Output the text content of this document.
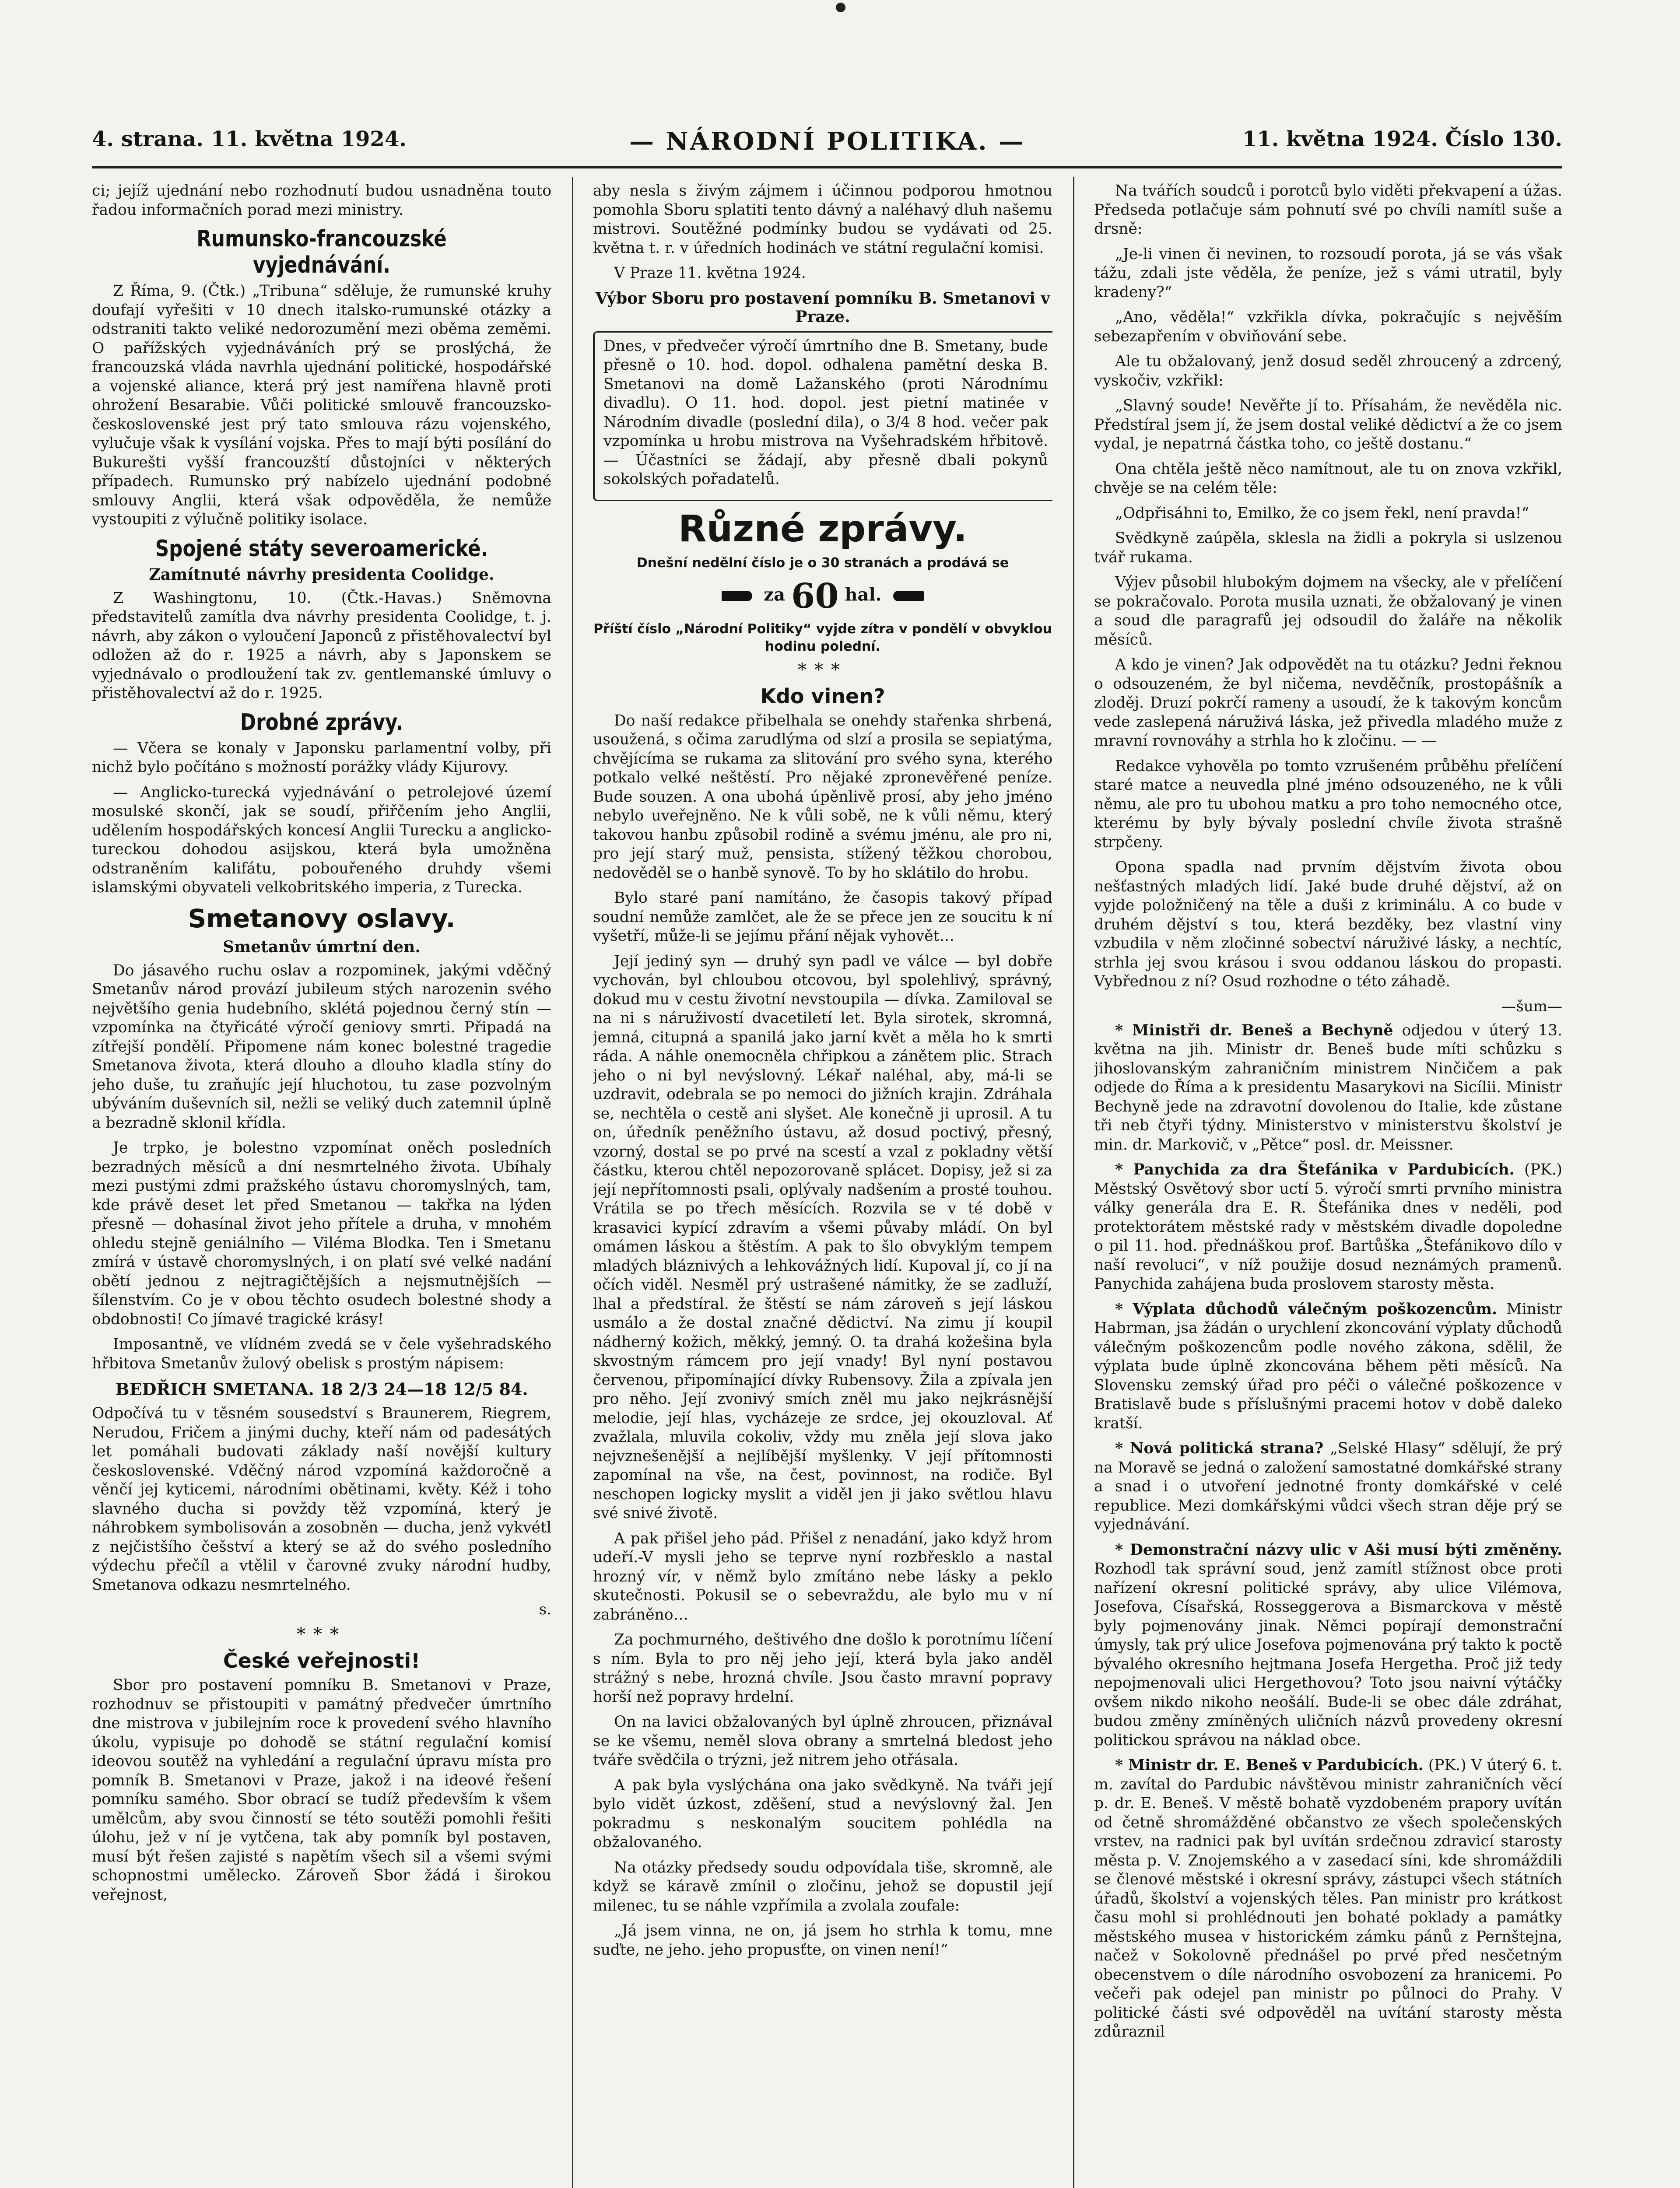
4. strana. 11. května 1924.	— NÁRODNÍ POLITIKA. —	11. května 1924. Číslo 130.

ci; jejíž ujednání nebo rozhodnutí budou usnadněna touto řadou informačních porad mezi ministry.

Rumunsko-francouzské vyjednávání.

Z Říma, 9. (Čtk.) „Tribuna“ sděluje, že rumunské kruhy doufají vyřešiti v 10 dnech italsko-rumunské otázky a odstraniti takto veliké nedorozumění mezi oběma zeměmi. O pařížských vyjednáváních prý se proslýchá, že francouzská vláda navrhla ujednání politické, hospodářské a vojenské aliance, která prý jest namířena hlavně proti ohrožení Besarabie. Vůči politické smlouvě francouzsko-československé jest prý tato smlouva rázu vojenského, vylučuje však k vysílání vojska. Přes to mají býti posílání do Bukurešti vyšší francouzští důstojníci v některých případech. Rumunsko prý nabízelo ujednání podobné smlouvy Anglii, která však odpověděla, že nemůže vystoupiti z výlučně politiky isolace.

Spojené státy severoamerické.
Zamítnuté návrhy presidenta Coolidge.

Z Washingtonu, 10. (Čtk.-Havas.) Sněmovna představitelů zamítla dva návrhy presidenta Coolidge, t. j. návrh, aby zákon o vyloučení Japonců z přistěhovalectví byl odložen až do r. 1925 a návrh, aby s Japonskem se vyjednávalo o prodloužení tak zv. gentlemanské úmluvy o přistěhovalectví až do r. 1925.

Drobné zprávy.

— Včera se konaly v Japonsku parlamentní volby, při nichž bylo počítáno s možností porážky vlády Kijurovy.

— Anglicko-turecká vyjednávání o petrolejové území mosulské skončí, jak se soudí, přiřčením jeho Anglii, udělením hospodářských koncesí Anglii Turecku a anglicko-tureckou dohodou asijskou, která byla umožněna odstraněním kalifátu, pobouřeného druhdy všemi islamskými obyvateli velkobritského imperia, z Turecka.

Smetanovy oslavy.
Smetanův úmrtní den.

Do jásavého ruchu oslav a rozpominek, jakými vděčný Smetanův národ provází jubileum stých narozenin svého největšího genia hudebního, sklétá pojednou černý stín — vzpomínka na čtyřicáté výročí geniovy smrti. Připadá na zítřejší pondělí. Připomene nám konec bolestné tragedie Smetanova života, která dlouho a dlouho kladla stíny do jeho duše, tu zraňujíc její hluchotou, tu zase pozvolným ubýváním duševních sil, nežli se veliký duch zatemnil úplně a bezradně sklonil křídla.

Je trpko, je bolestno vzpomínat oněch posledních bezradných měsíců a dní nesmrtelného života. Ubíhaly mezi pustými zdmi pražského ústavu choromyslných, tam, kde právě deset let před Smetanou — takřka na lýden přesně — dohasínal život jeho přítele a druha, v mnohém ohledu stejně geniálního — Viléma Blodka. Ten i Smetanu zmírá v ústavě choromyslných, i on platí své velké nadání obětí jednou z nejtragičtějších a nejsmutnějších — šílenstvím. Co je v obou těchto osudech bolestné shody a obdobnosti! Co jímavé tragické krásy!

Imposantně, ve vlídném zvedá se v čele vyšehradského hřbitova Smetanův žulový obelisk s prostým nápisem:

BEDŘICH SMETANA. 18 2/3 24—18 12/5 84.

Odpočívá tu v těsném sousedství s Braunerem, Riegrem, Nerudou, Fričem a jinými duchy, kteří nám od padesátých let pomáhali budovati základy naší novější kultury československé. Vděčný národ vzpomíná každoročně a věnčí jej kyticemi, národními obětinami, květy. Kéž i toho slavného ducha si povždy těž vzpomíná, který je náhrobkem symbolisován a zosobněn — ducha, jenž vykvétl z nejčistšího češství a který se až do svého posledního výdechu přečíl a vtělil v čarovné zvuky národní hudby, Smetanova odkazu nesmrtelného.

s.
***
České veřejnosti!

Sbor pro postavení pomníku B. Smetanovi v Praze, rozhodnuv se přistoupiti v památný předvečer úmrtního dne mistrova v jubilejním roce k provedení svého hlavního úkolu, vypisuje po dohodě se státní regulační komisí ideovou soutěž na vyhledání a regulační úpravu místa pro pomník B. Smetanovi v Praze, jakož i na ideové řešení pomníku samého. Sbor obrací se tudíž především k všem umělcům, aby svou činností se této soutěži pomohli řešiti úlohu, jež v ní je vytčena, tak aby pomník byl postaven, musí být řešen zajisté s napětím všech sil a všemi svými schopnostmi umělecko. Zároveň Sbor žádá i širokou veřejnost,

aby nesla s živým zájmem i účinnou podporou hmotnou pomohla Sboru splatiti tento dávný a naléhavý dluh našemu mistrovi. Soutěžné podmínky budou se vydávati od 25. května t. r. v úředních hodinách ve státní regulační komisi.

V Praze 11. května 1924.

Výbor Sboru pro postavení pomníku B. Smetanovi v Praze.

Dnes, v předvečer výročí úmrtního dne B. Smetany, bude přesně o 10. hod. dopol. odhalena pamětní deska B. Smetanovi na domě Lažanského (proti Národnímu divadlu). O 11. hod. dopol. jest pietní matinée v Národním divadle (poslední dila), o 3/4 8 hod. večer pak vzpomínka u hrobu mistrova na Vyšehradském hřbitově. — Účastníci se žádají, aby přesně dbali pokynů sokolských pořadatelů.

Různé zprávy.
Dnešní nedělní číslo je o 30 stranách a prodává se
za 60 hal.
Příští číslo „Národní Politiky“ vyjde zítra v pondělí v obvyklou hodinu polední.
***
Kdo vinen?

Do naší redakce přibelhala se onehdy stařenka shrbená, usoužená, s očima zarudlýma od slzí a prosila se sepiatýma, chvějícíma se rukama za slitování pro svého syna, kterého potkalo velké neštěstí. Pro nějaké zpronevěřené peníze. Bude souzen. A ona ubohá úpěnlivě prosí, aby jeho jméno nebylo uveřejněno. Ne k vůli sobě, ne k vůli němu, který takovou hanbu způsobil rodině a svému jménu, ale pro ni, pro její starý muž, pensista, stížený těžkou chorobou, nedověděl se o hanbě synově. To by ho sklátilo do hrobu.

Bylo staré paní namítáno, že časopis takový případ soudní nemůže zamlčet, ale že se přece jen ze soucitu k ní vyšetří, může-li se jejímu přání nějak vyhovět…

Její jediný syn — druhý syn padl ve válce — byl dobře vychován, byl chloubou otcovou, byl spolehlivý, správný, dokud mu v cestu životní nevstoupila — dívka. Zamiloval se na ni s náruživostí dvacetiletí let. Byla sirotek, skromná, jemná, citupná a spanilá jako jarní květ a měla ho k smrti ráda. A náhle onemocněla chřipkou a zánětem plic. Strach jeho o ni byl nevýslovný. Lékař naléhal, aby, má-li se uzdravit, odebrala se po nemoci do jižních krajin. Zdráhala se, nechtěla o cestě ani slyšet. Ale konečně ji uprosil. A tu on, úředník peněžního ústavu, až dosud poctivý, přesný, vzorný, dostal se po prvé na scestí a vzal z pokladny větší částku, kterou chtěl nepozorovaně splácet. Dopisy, jež si za její nepřítomnosti psali, oplývaly nadšením a prosté touhou. Vrátila se po třech měsících. Rozvila se v té době v krasavici kypící zdravím a všemi půvaby mládí. On byl omámen láskou a štěstím. A pak to šlo obvyklým tempem mladých bláznivých a lehkovážných lidí. Kupoval jí, co jí na očích viděl. Nesměl prý ustrašené námitky, že se zadluží, lhal a předstíral. že štěstí se nám zároveň s její láskou usmálo a že dostal značné dědictví. Na zimu jí koupil nádherný kožich, měkký, jemný. O. ta drahá kožešina byla skvostným rámcem pro její vnady! Byl nyní postavou červenou, připomínající dívky Rubensovy. Žila a zpívala jen pro něho. Její zvonivý smích zněl mu jako nejkrásnější melodie, její hlas, vycházeje ze srdce, jej okouzloval. Ať zvažlala, mluvila cokoliv, vždy mu zněla její slova jako nejvznešenější a nejlíbější myšlenky. V její přítomnosti zapomínal na vše, na čest, povinnost, na rodiče. Byl neschopen logicky myslit a viděl jen ji jako světlou hlavu své snivé životě.

A pak přišel jeho pád. Přišel z nenadání, jako když hrom udeří.-V mysli jeho se teprve nyní rozbřesklo a nastal hrozný vír, v němž bylo zmítáno nebe lásky a peklo skutečnosti. Pokusil se o sebevraždu, ale bylo mu v ní zabráněno…

Za pochmurného, deštivého dne došlo k porotnímu líčení s ním. Byla to pro něj jeho její, která byla jako anděl strážný s nebe, hrozná chvíle. Jsou často mravní popravy horší než popravy hrdelní.

On na lavici obžalovaných byl úplně zhroucen, přiznával se ke všemu, neměl slova obrany a smrtelná bledost jeho tváře svědčila o trýzni, jež nitrem jeho otřásala.

A pak byla vyslýchána ona jako svědkyně. Na tváři její bylo vidět úzkost, zděšení, stud a nevýslovný žal. Jen pokradmu s neskonalým soucitem pohlédla na obžalovaného.

Na otázky předsedy soudu odpovídala tiše, skromně, ale když se káravě zmínil o zločinu, jehož se dopustil její milenec, tu se náhle vzpřímila a zvolala zoufale:

„Já jsem vinna, ne on, já jsem ho strhla k tomu, mne suďte, ne jeho. jeho propusťte, on vinen není!“

Na tvářích soudců i porotců bylo viděti překvapení a úžas. Předseda potlačuje sám pohnutí své po chvíli namítl suše a drsně:

„Je-li vinen či nevinen, to rozsoudí porota, já se vás však tážu, zdali jste věděla, že peníze, jež s vámi utratil, byly kradeny?“

„Ano, věděla!“ vzkřikla dívka, pokračujíc s nejvěším sebezapřením v obviňování sebe.

Ale tu obžalovaný, jenž dosud seděl zhroucený a zdrcený, vyskočiv, vzkřikl:

„Slavný soude! Nevěřte jí to. Přísahám, že nevěděla nic. Předstíral jsem jí, že jsem dostal veliké dědictví a že co jsem vydal, je nepatrná částka toho, co ještě dostanu.“

Ona chtěla ještě něco namítnout, ale tu on znova vzkřikl, chvěje se na celém těle:

„Odpřisáhni to, Emilko, že co jsem řekl, není pravda!“

Svědkyně zaúpěla, sklesla na židli a pokryla si uslzenou tvář rukama.

Výjev působil hlubokým dojmem na všecky, ale v přelíčení se pokračovalo. Porota musila uznati, že obžalovaný je vinen a soud dle paragrafů jej odsoudil do žaláře na několik měsíců.

A kdo je vinen? Jak odpovědět na tu otázku? Jedni řeknou o odsouzeném, že byl ničema, nevděčník, prostopášník a zloděj. Druzí pokrčí rameny a usoudí, že k takovým koncům vede zaslepená náruživá láska, jež přivedla mladého muže z mravní rovnováhy a strhla ho k zločinu. — —

Redakce vyhověla po tomto vzrušeném průběhu přelíčení staré matce a neuvedla plné jméno odsouzeného, ne k vůli němu, ale pro tu ubohou matku a pro toho nemocného otce, kterému by byly bývaly poslední chvíle života strašně strpčeny.

Opona spadla nad prvním dějstvím života obou nešťastných mladých lidí. Jaké bude druhé dějství, až on vyjde položničený na těle a duši z kriminálu. A co bude v druhém dějství s tou, která bezděky, bez vlastní viny vzbudila v něm zločinné sobectví náruživé lásky, a nechtíc, strhla jej svou krásou i svou oddanou láskou do propasti. Vybřednou z ní? Osud rozhodne o této záhadě.

—šum—

* Ministři dr. Beneš a Bechyně odjedou v úterý 13. května na jih. Ministr dr. Beneš bude míti schůzku s jihoslovanským zahraničním ministrem Ninčičem a pak odjede do Říma a k presidentu Masarykovi na Sicílii. Ministr Bechyně jede na zdravotní dovolenou do Italie, kde zůstane tři neb čtyři týdny. Ministerstvo v ministerstvu školství je min. dr. Markovič, v „Pětce“ posl. dr. Meissner.

* Panychida za dra Štefánika v Pardubicích. (PK.) Městský Osvětový sbor uctí 5. výročí smrti prvního ministra války generála dra E. R. Štefánika dnes v neděli, pod protektorátem městské rady v městském divadle dopoledne o pil 11. hod. přednáškou prof. Bartůška „Štefánikovo dílo v naší revoluci“, v níž použije dosud neznámých pramenů. Panychida zahájena buda proslovem starosty města.

* Výplata důchodů válečným poškozencům. Ministr Habrman, jsa žádán o urychlení zkoncování výplaty důchodů válečným poškozencům podle nového zákona, sdělil, že výplata bude úplně zkoncována během pěti měsíců. Na Slovensku zemský úřad pro péči o válečné poškozence v Bratislavě bude s příslušnými pracemi hotov v době daleko kratší.

* Nová politická strana? „Selské Hlasy“ sdělují, že prý na Moravě se jedná o založení samostatné domkářské strany a snad i o utvoření jednotné fronty domkářské v celé republice. Mezi domkářskými vůdci všech stran děje prý se vyjednávání.

* Demonstrační názvy ulic v Aši musí býti změněny. Rozhodl tak správní soud, jenž zamítl stížnost obce proti nařízení okresní politické správy, aby ulice Vilémova, Josefova, Císařská, Rosseggerova a Bismarckova v městě byly pojmenovány jinak. Němci popírají demonstrační úmysly, tak prý ulice Josefova pojmenována prý takto k poctě bývalého okresního hejtmana Josefa Hergetha. Proč již tedy nepojmenovali ulici Hergethovou? Toto jsou naivní výtáčky ovšem nikdo nikoho neošálí. Bude-li se obec dále zdráhat, budou změny zmíněných uličních názvů provedeny okresní politickou správou na náklad obce.

* Ministr dr. E. Beneš v Pardubicích. (PK.) V úterý 6. t. m. zavítal do Pardubic návštěvou ministr zahraničních věcí p. dr. E. Beneš. V městě bohatě vyzdobeném prapory uvítán od četně shromážděné občanstvo ze všech společenských vrstev, na radnici pak byl uvítán srdečnou zdravicí starosty města p. V. Znojemského a v zasedací síni, kde shromáždili se členové městské i okresní správy, zástupci všech státních úřadů, školství a vojenských těles. Pan ministr pro krátkost času mohl si prohlédnouti jen bohaté poklady a památky městského musea v historickém zámku pánů z Pernštejna, načež v Sokolovně přednášel po prvé před nesčetným obecenstvem o díle národního osvobození za hranicemi. Po večeři pak odejel pan ministr po půlnoci do Prahy. V politické části své odpověděl na uvítání starosty města zdůraznil
